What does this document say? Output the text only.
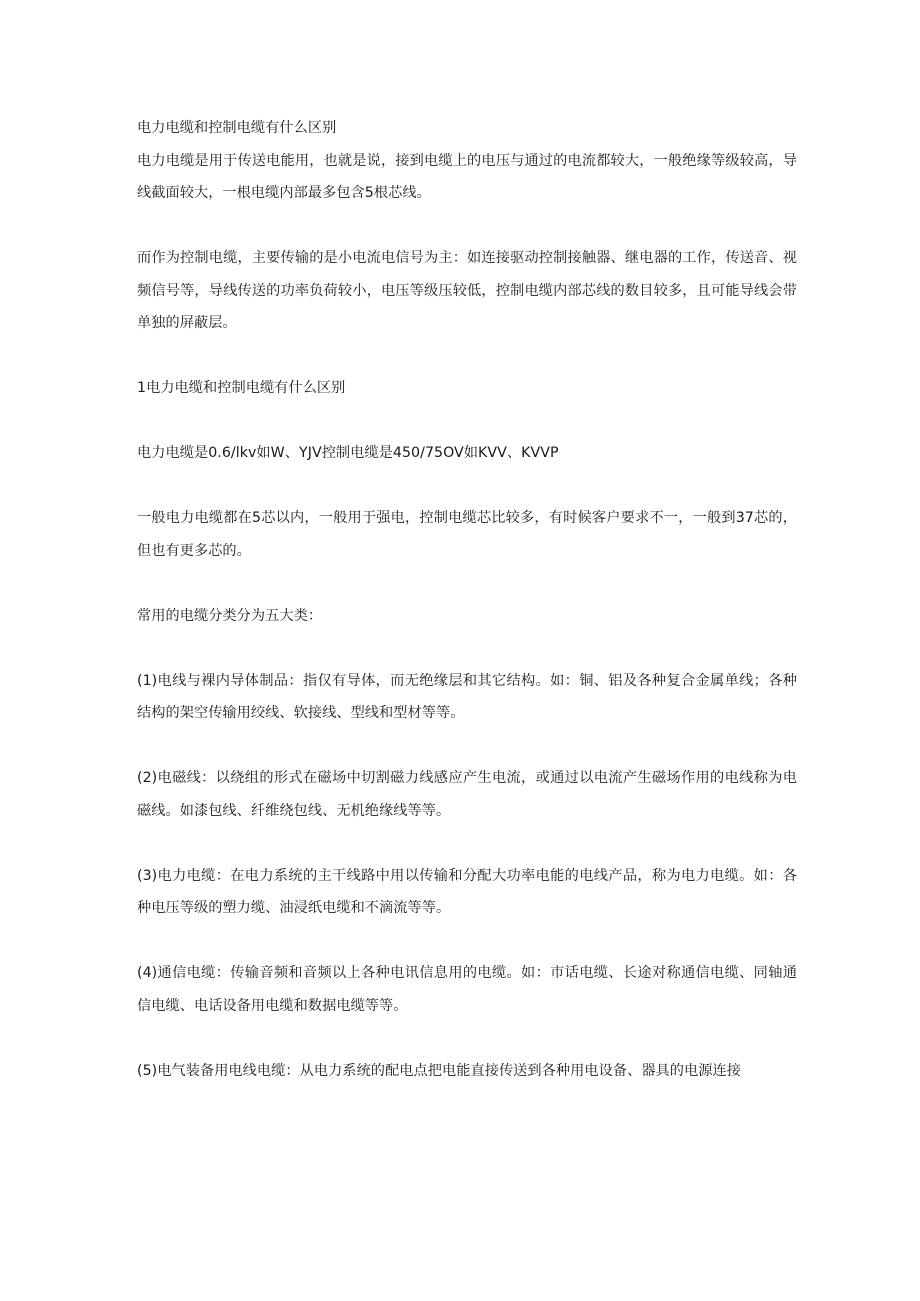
电力电缆和控制电缆有什么区别

电力电缆是用于传送电能用，也就是说，接到电缆上的电压与通过的电流都较大，一般绝缘等级较高，导线截面较大，一根电缆内部最多包含5根芯线。

而作为控制电缆，主要传输的是小电流电信号为主：如连接驱动控制接触器、继电器的工作，传送音、视频信号等，导线传送的功率负荷较小，电压等级压较低，控制电缆内部芯线的数目较多，且可能导线会带单独的屏蔽层。

1电力电缆和控制电缆有什么区别

电力电缆是0.6/lkv如W、YJV控制电缆是450/75OV如KVV、KVVP

一般电力电缆都在5芯以内，一般用于强电，控制电缆芯比较多，有时候客户要求不一，一般到37芯的，但也有更多芯的。

常用的电缆分类分为五大类：

(1)电线与裸内导体制品：指仅有导体，而无绝缘层和其它结构。如：铜、铝及各种复合金属单线；各种结构的架空传输用绞线、软接线、型线和型材等等。

(2)电磁线：以绕组的形式在磁场中切割磁力线感应产生电流，或通过以电流产生磁场作用的电线称为电磁线。如漆包线、纤维绕包线、无机绝缘线等等。

(3)电力电缆：在电力系统的主干线路中用以传输和分配大功率电能的电线产品，称为电力电缆。如：各种电压等级的塑力缆、油浸纸电缆和不滴流等等。

(4)通信电缆：传输音频和音频以上各种电讯信息用的电缆。如：市话电缆、长途对称通信电缆、同轴通信电缆、电话设备用电缆和数据电缆等等。

(5)电气装备用电线电缆：从电力系统的配电点把电能直接传送到各种用电设备、器具的电源连接
